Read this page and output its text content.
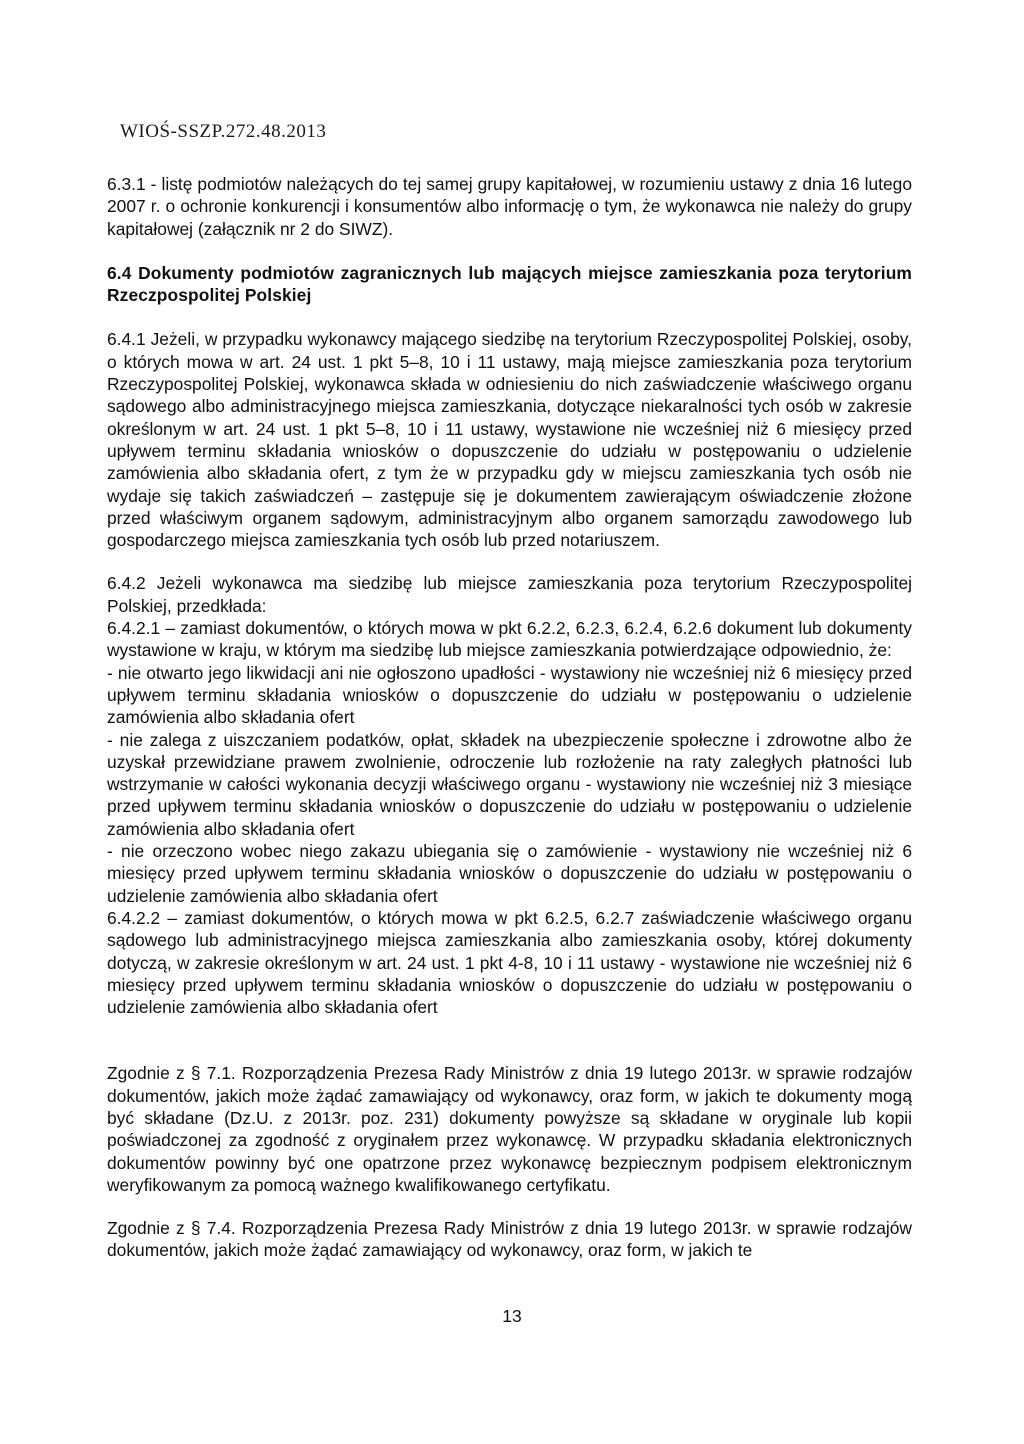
WIOŚ-SSZP.272.48.2013

6.3.1 - listę podmiotów należących do tej samej grupy kapitałowej, w rozumieniu ustawy z dnia 16 lutego 2007 r. o ochronie konkurencji i konsumentów albo informację o tym, że wykonawca nie należy do grupy kapitałowej (załącznik nr 2 do SIWZ).

6.4 Dokumenty podmiotów zagranicznych lub mających miejsce zamieszkania poza terytorium Rzeczpospolitej Polskiej

6.4.1 Jeżeli, w przypadku wykonawcy mającego siedzibę na terytorium Rzeczypospolitej Polskiej, osoby, o których mowa w art. 24 ust. 1 pkt 5–8, 10 i 11 ustawy, mają miejsce zamieszkania poza terytorium Rzeczypospolitej Polskiej, wykonawca składa w odniesieniu do nich zaświadczenie właściwego organu sądowego albo administracyjnego miejsca zamieszkania, dotyczące niekaralności tych osób w zakresie określonym w art. 24 ust. 1 pkt 5–8, 10 i 11 ustawy, wystawione nie wcześniej niż 6 miesięcy przed upływem terminu składania wniosków o dopuszczenie do udziału w postępowaniu o udzielenie zamówienia albo składania ofert, z tym że w przypadku gdy w miejscu zamieszkania tych osób nie wydaje się takich zaświadczeń – zastępuje się je dokumentem zawierającym oświadczenie złożone przed właściwym organem sądowym, administracyjnym albo organem samorządu zawodowego lub gospodarczego miejsca zamieszkania tych osób lub przed notariuszem.

6.4.2 Jeżeli wykonawca ma siedzibę lub miejsce zamieszkania poza terytorium Rzeczypospolitej Polskiej, przedkłada:

6.4.2.1 – zamiast dokumentów, o których mowa w pkt 6.2.2, 6.2.3, 6.2.4, 6.2.6 dokument lub dokumenty wystawione w kraju, w którym ma siedzibę lub miejsce zamieszkania potwierdzające odpowiednio, że:

- nie otwarto jego likwidacji ani nie ogłoszono upadłości - wystawiony nie wcześniej niż 6 miesięcy przed upływem terminu składania wniosków o dopuszczenie do udziału w postępowaniu o udzielenie zamówienia albo składania ofert

- nie zalega z uiszczaniem podatków, opłat, składek na ubezpieczenie społeczne i zdrowotne albo że uzyskał przewidziane prawem zwolnienie, odroczenie lub rozłożenie na raty zaległych płatności lub wstrzymanie w całości wykonania decyzji właściwego organu - wystawiony nie wcześniej niż 3 miesiące przed upływem terminu składania wniosków o dopuszczenie do udziału w postępowaniu o udzielenie zamówienia albo składania ofert

- nie orzeczono wobec niego zakazu ubiegania się o zamówienie - wystawiony nie wcześniej niż 6 miesięcy przed upływem terminu składania wniosków o dopuszczenie do udziału w postępowaniu o udzielenie zamówienia albo składania ofert

6.4.2.2 – zamiast dokumentów, o których mowa w pkt 6.2.5, 6.2.7 zaświadczenie właściwego organu sądowego lub administracyjnego miejsca zamieszkania albo zamieszkania osoby, której dokumenty dotyczą, w zakresie określonym w art. 24 ust. 1 pkt 4-8, 10 i 11 ustawy - wystawione nie wcześniej niż 6 miesięcy przed upływem terminu składania wniosków o dopuszczenie do udziału w postępowaniu o udzielenie zamówienia albo składania ofert

Zgodnie z § 7.1. Rozporządzenia Prezesa Rady Ministrów z dnia 19 lutego 2013r. w sprawie rodzajów dokumentów, jakich może żądać zamawiający od wykonawcy, oraz form, w jakich te dokumenty mogą być składane (Dz.U. z 2013r. poz. 231) dokumenty powyższe są składane w oryginale lub kopii poświadczonej za zgodność z oryginałem przez wykonawcę. W przypadku składania elektronicznych dokumentów powinny być one opatrzone przez wykonawcę bezpiecznym podpisem elektronicznym weryfikowanym za pomocą ważnego kwalifikowanego certyfikatu.

Zgodnie z § 7.4. Rozporządzenia Prezesa Rady Ministrów z dnia 19 lutego 2013r. w sprawie rodzajów dokumentów, jakich może żądać zamawiający od wykonawcy, oraz form, w jakich te

13
